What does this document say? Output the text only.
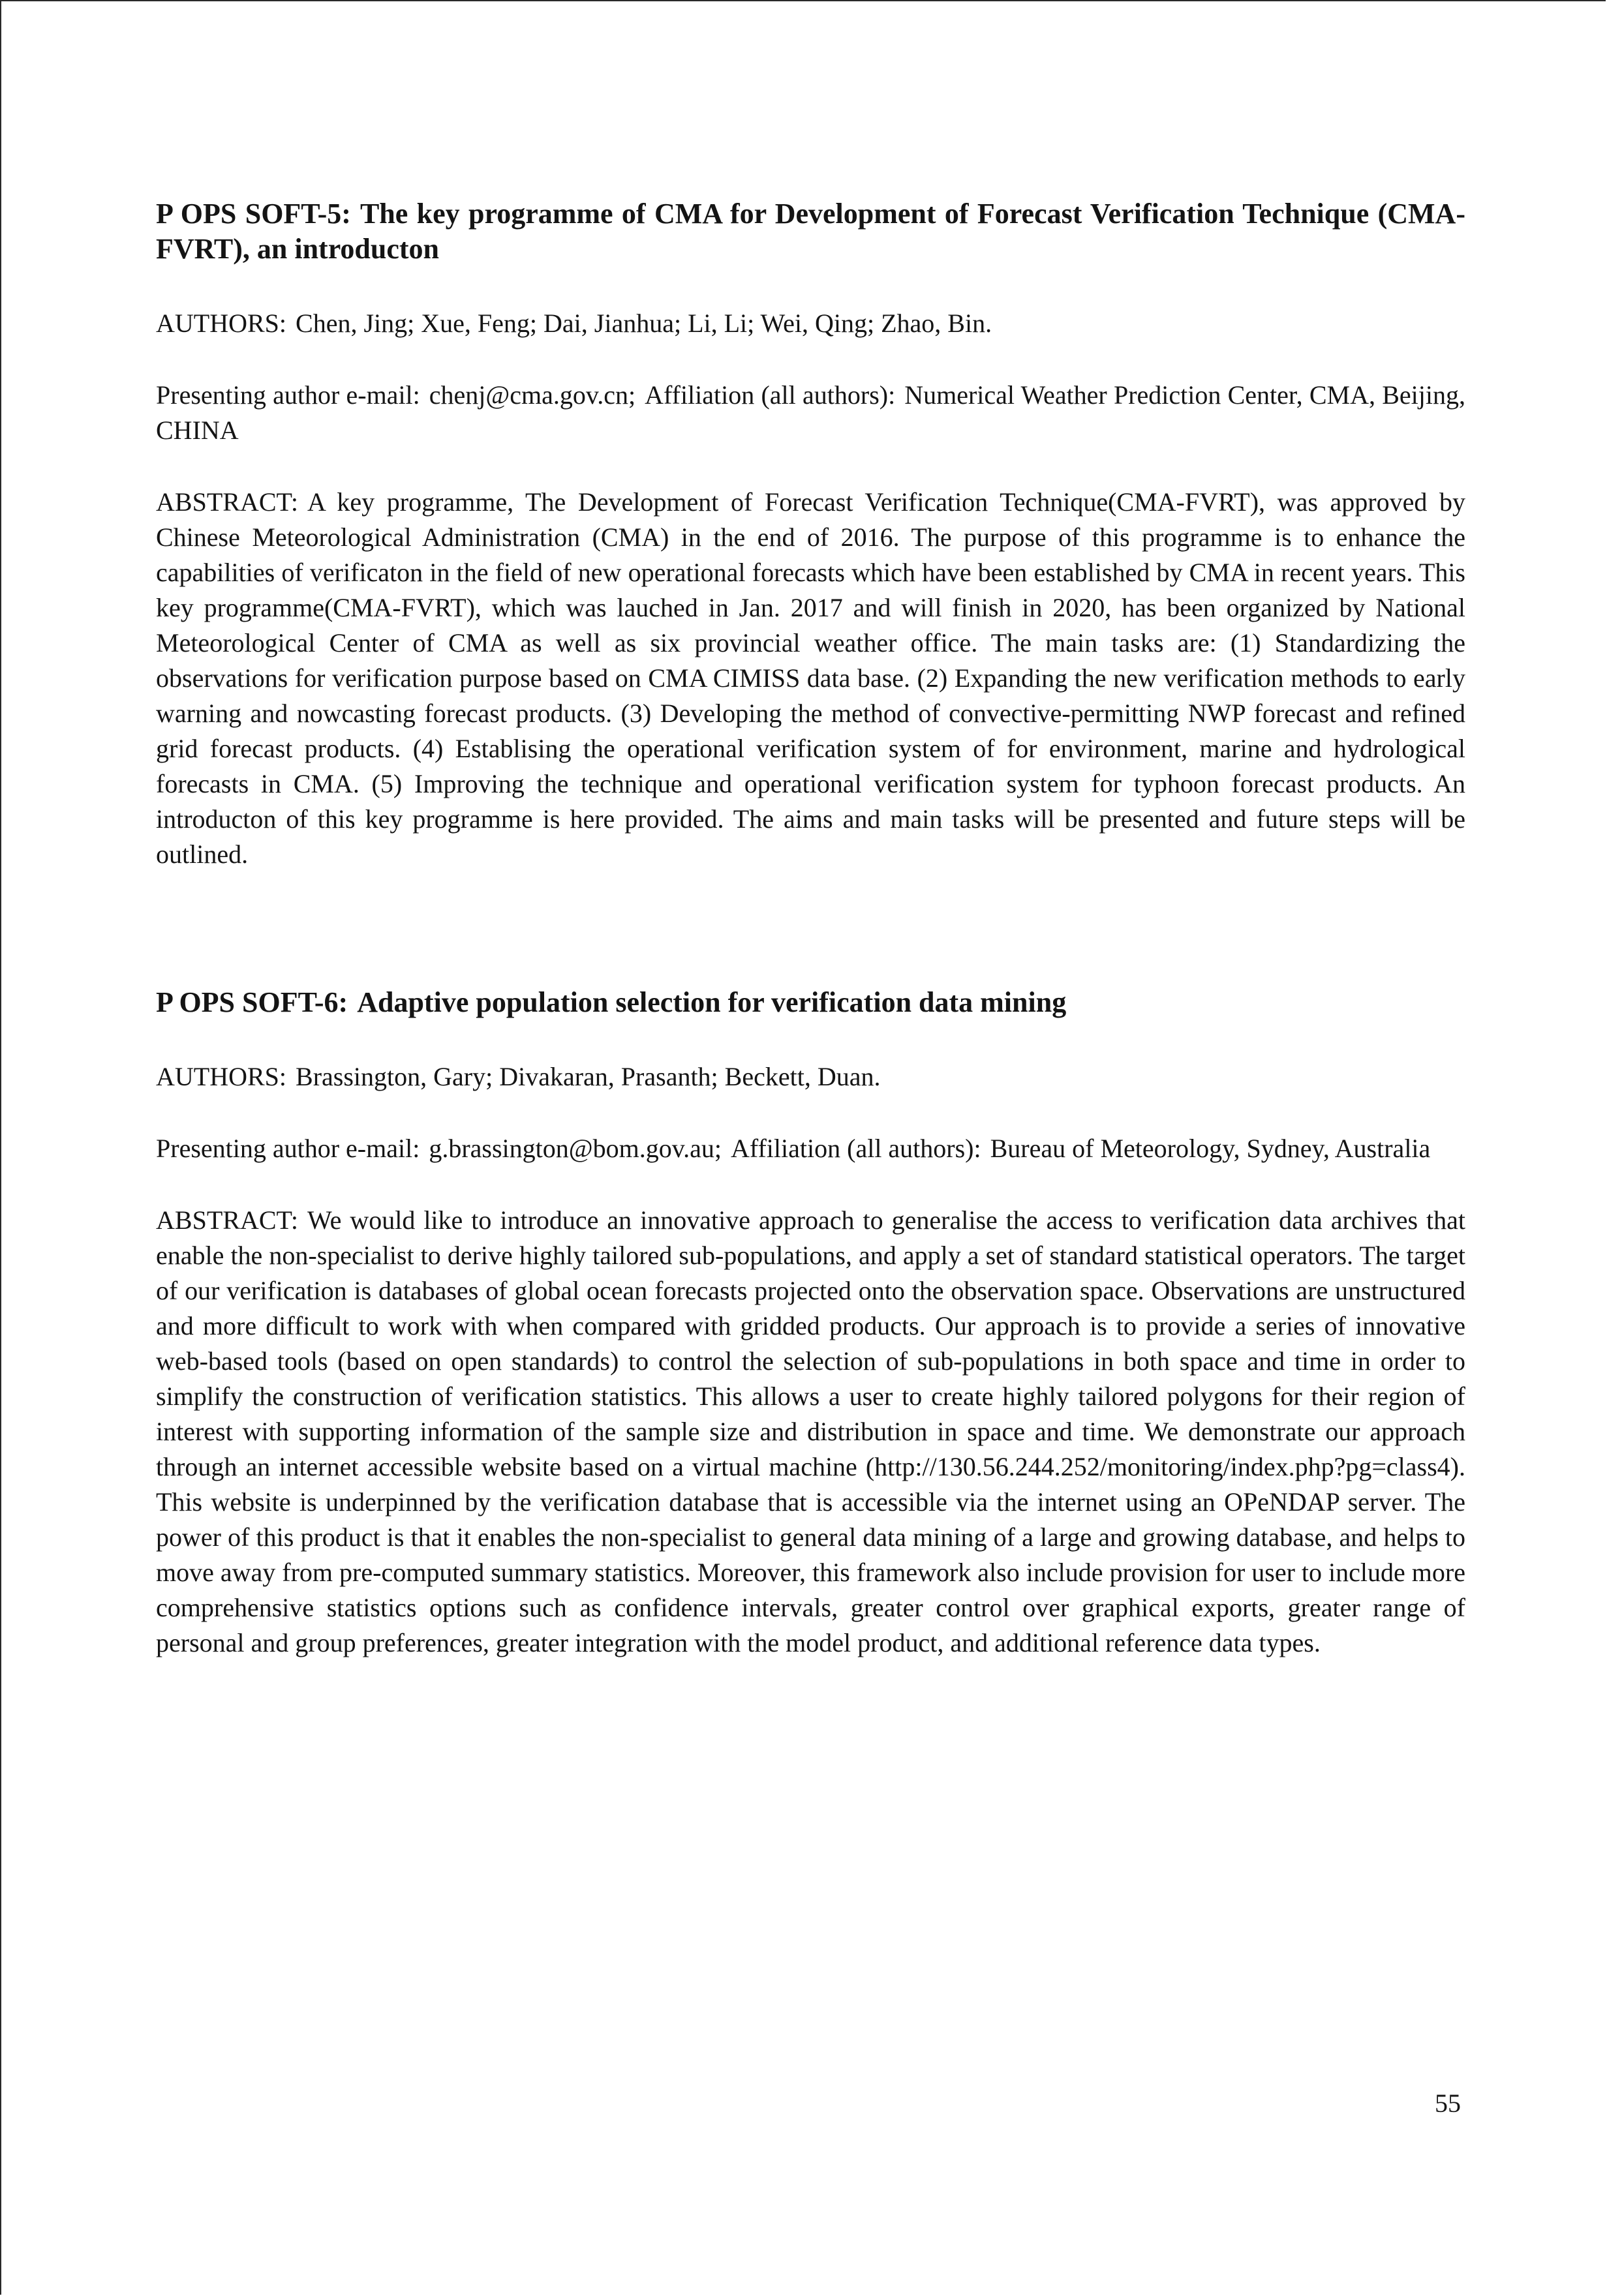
P OPS SOFT-5: The key programme of CMA for Development of Forecast Verification Technique (CMA-FVRT), an introducton

AUTHORS: Chen, Jing; Xue, Feng; Dai, Jianhua; Li, Li; Wei, Qing; Zhao, Bin.

Presenting author e-mail: chenj@cma.gov.cn; Affiliation (all authors): Numerical Weather Prediction Center, CMA, Beijing, CHINA

ABSTRACT: A key programme, The Development of Forecast Verification Technique(CMA-FVRT), was approved by Chinese Meteorological Administration (CMA) in the end of 2016. The purpose of this programme is to enhance the capabilities of verificaton in the field of new operational forecasts which have been established by CMA in recent years. This key programme(CMA-FVRT), which was lauched in Jan. 2017 and will finish in 2020, has been organized by National Meteorological Center of CMA as well as six provincial weather office. The main tasks are: (1) Standardizing the observations for verification purpose based on CMA CIMISS data base. (2) Expanding the new verification methods to early warning and nowcasting forecast products. (3) Developing the method of convective-permitting NWP forecast and refined grid forecast products. (4) Establising the operational verification system of for environment, marine and hydrological forecasts in CMA. (5) Improving the technique and operational verification system for typhoon forecast products. An introducton of this key programme is here provided. The aims and main tasks will be presented and future steps will be outlined.

P OPS SOFT-6: Adaptive population selection for verification data mining

AUTHORS: Brassington, Gary; Divakaran, Prasanth; Beckett, Duan.

Presenting author e-mail: g.brassington@bom.gov.au; Affiliation (all authors): Bureau of Meteorology, Sydney, Australia

ABSTRACT: We would like to introduce an innovative approach to generalise the access to verification data archives that enable the non-specialist to derive highly tailored sub-populations, and apply a set of standard statistical operators. The target of our verification is databases of global ocean forecasts projected onto the observation space. Observations are unstructured and more difficult to work with when compared with gridded products. Our approach is to provide a series of innovative web-based tools (based on open standards) to control the selection of sub-populations in both space and time in order to simplify the construction of verification statistics. This allows a user to create highly tailored polygons for their region of interest with supporting information of the sample size and distribution in space and time. We demonstrate our approach through an internet accessible website based on a virtual machine (http://130.56.244.252/monitoring/index.php?pg=class4). This website is underpinned by the verification database that is accessible via the internet using an OPeNDAP server. The power of this product is that it enables the non-specialist to general data mining of a large and growing database, and helps to move away from pre-computed summary statistics. Moreover, this framework also include provision for user to include more comprehensive statistics options such as confidence intervals, greater control over graphical exports, greater range of personal and group preferences, greater integration with the model product, and additional reference data types.

55
